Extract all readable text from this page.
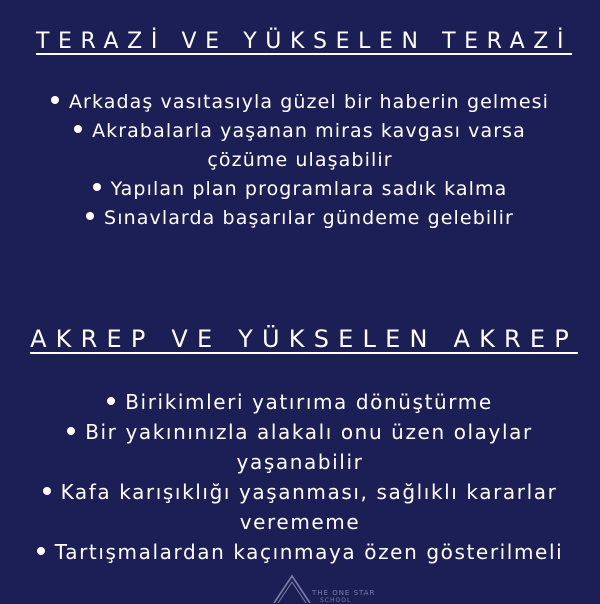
TERAZİ VE YÜKSELEN TERAZİ
Arkadaş vasıtasıyla güzel bir haberin gelmesi
Akrabalarla yaşanan miras kavgası varsa çözüme ulaşabilir
Yapılan plan programlara sadık kalma
Sınavlarda başarılar gündeme gelebilir
AKREP VE YÜKSELEN AKREP
Birikimleri yatırıma dönüştürme
Bir yakınınızla alakalı onu üzen olaylar yaşanabilir
Kafa karışıklığı yaşanması, sağlıklı kararlar verememe
Tartışmalardan kaçınmaya özen gösterilmeli
THE ONE STAR
SCHOOL
